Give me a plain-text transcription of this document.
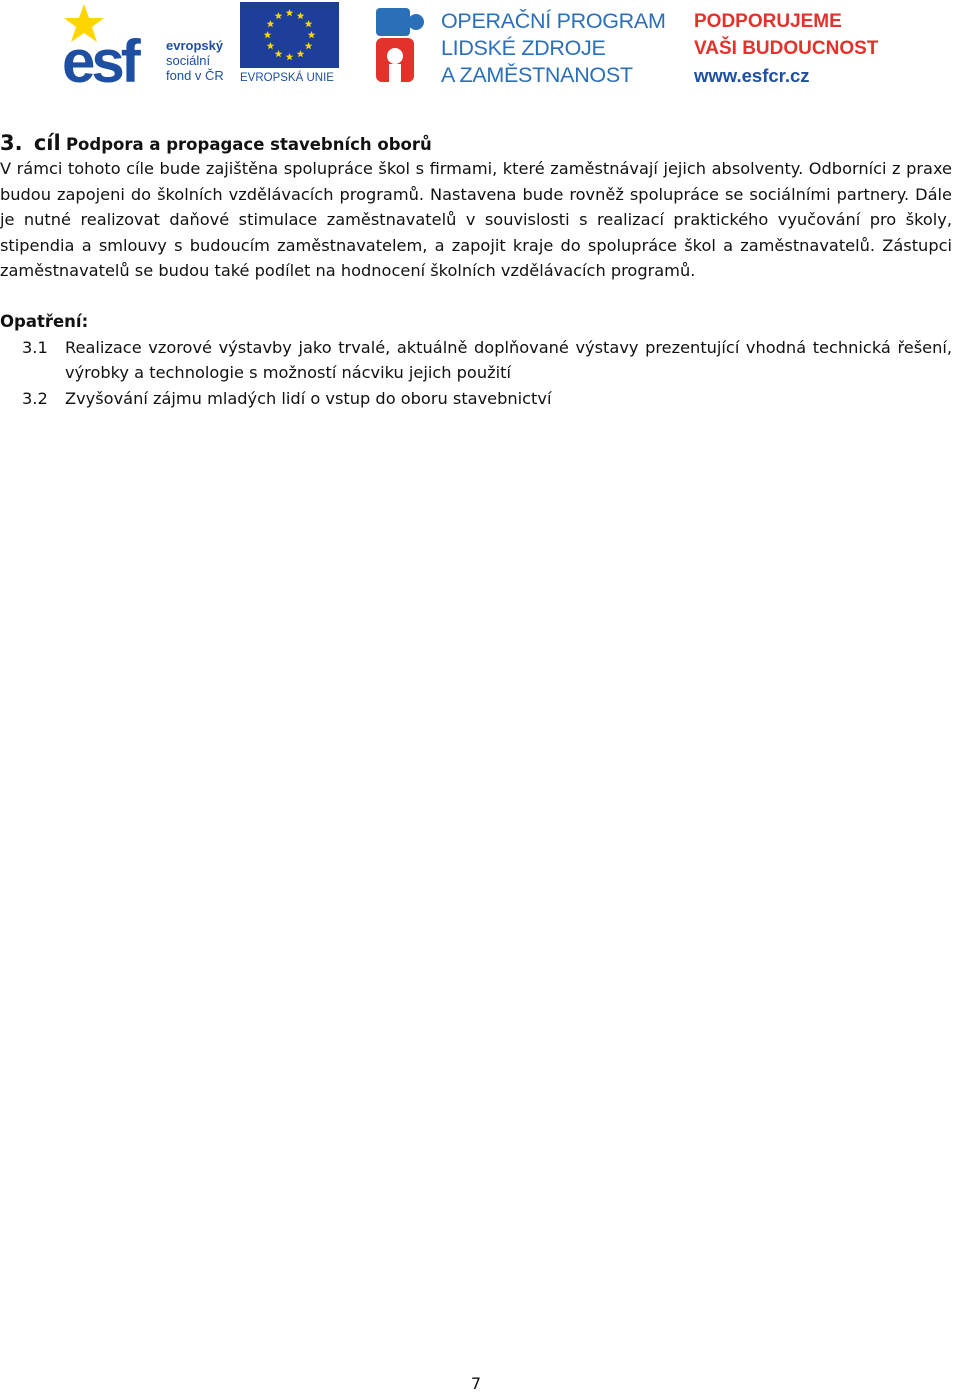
esf	evropský
sociální
fond v ČR EVROPSKÁ UNIE
OPERAČNÍ PROGRAM
LIDSKÉ ZDROJE
A ZAMĚSTNANOST
PODPORUJEME
VAŠI BUDOUCNOST
www.esfcr.cz

3. cíl Podpora a propagace stavebních oborů

V rámci tohoto cíle bude zajištěna spolupráce škol s firmami, které zaměstnávají jejich absolventy. Odborníci z praxe budou zapojeni do školních vzdělávacích programů. Nastavena bude rovněž spolupráce se sociálními partnery. Dále je nutné realizovat daňové stimulace zaměstnavatelů v souvislosti s realizací praktického vyučování pro školy, stipendia a smlouvy s budoucím zaměstnavatelem, a zapojit kraje do spolupráce škol a zaměstnavatelů. Zástupci zaměstnavatelů se budou také podílet na hodnocení školních vzdělávacích programů.

Opatření:

3.1 Realizace vzorové výstavby jako trvalé, aktuálně doplňované výstavy prezentující vhodná technická řešení, výrobky a technologie s možností nácviku jejich použití
3.2 Zvyšování zájmu mladých lidí o vstup do oboru stavebnictví
7
